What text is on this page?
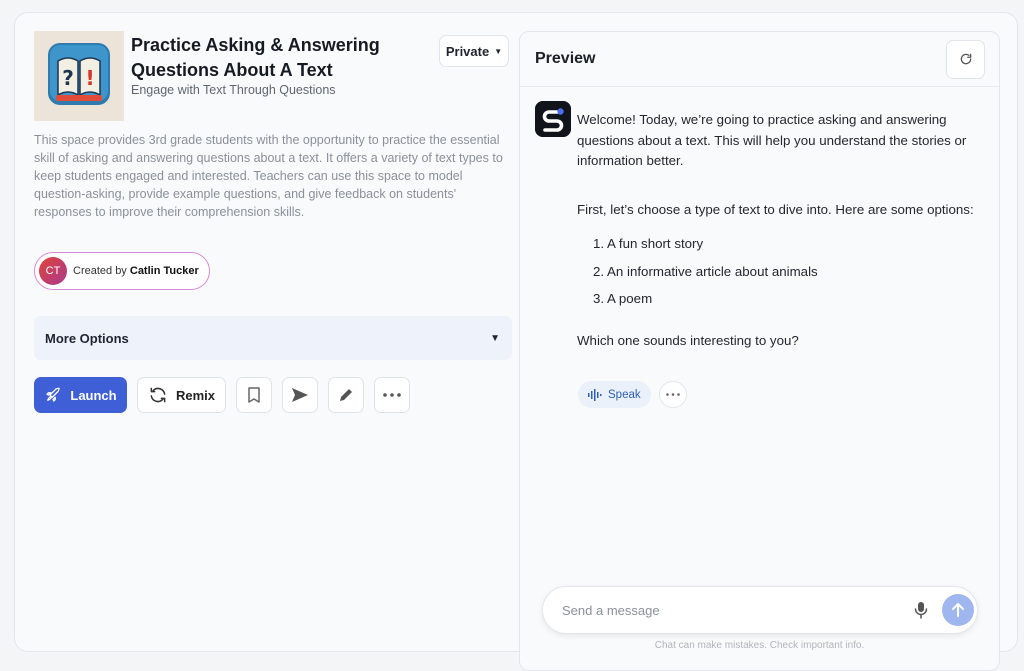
? !
Practice Asking & Answering Questions About A Text
Engage with Text Through Questions
Private ▼
This space provides 3rd grade students with the opportunity to practice the essential skill of asking and answering questions about a text. It offers a variety of text types to keep students engaged and interested. Teachers can use this space to model question-asking, provide example questions, and give feedback on students' responses to improve their comprehension skills.
CT	Created by Catlin Tucker
More Options	▼
Launch	Remix
Preview

Welcome! Today, we’re going to practice asking and answering questions about a text. This will help you understand the stories or information better.

First, let’s choose a type of text to dive into. Here are some options:

1. A fun short story
2. An informative article about animals
3. A poem

Which one sounds interesting to you?

Speak
Send a message
Chat can make mistakes. Check important info.
